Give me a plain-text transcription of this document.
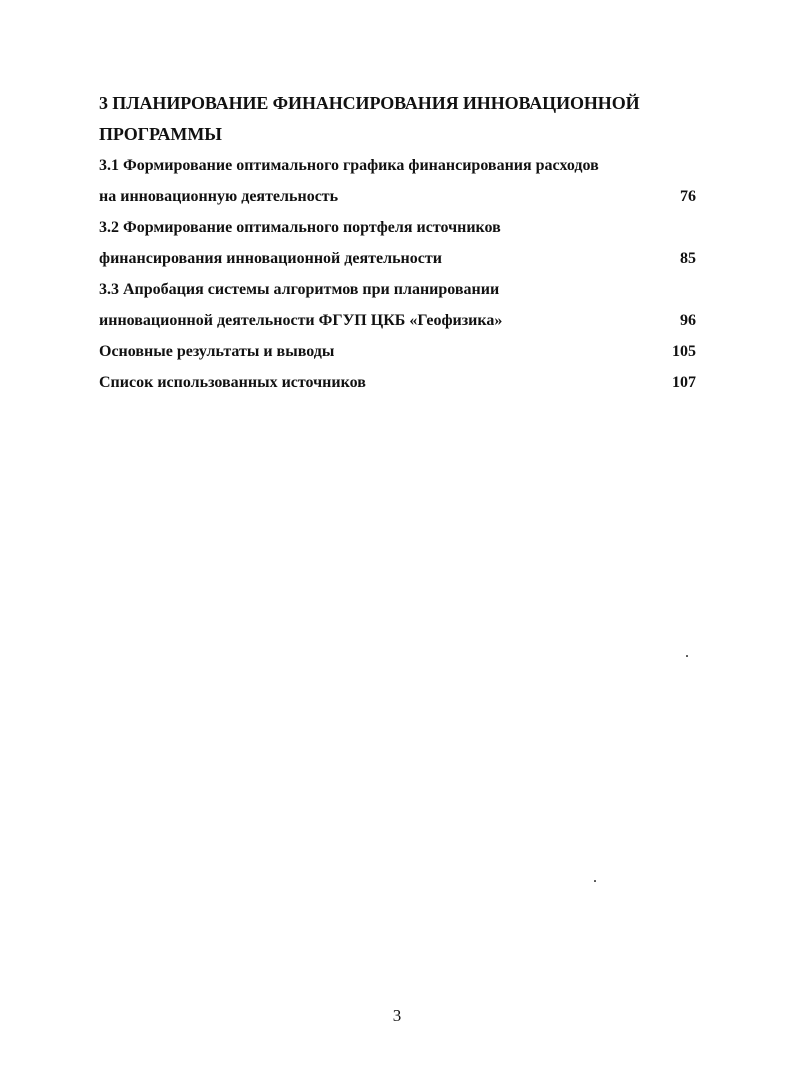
3 ПЛАНИРОВАНИЕ ФИНАНСИРОВАНИЯ ИННОВАЦИОННОЙ

ПРОГРАММЫ

3.1 Формирование оптимального графика финансирования расходов
на инновационную деятельность	76
3.2 Формирование оптимального портфеля источников
финансирования инновационной деятельности	85
3.3 Апробация системы алгоритмов при планировании
инновационной деятельности ФГУП ЦКБ «Геофизика»	96
Основные результаты и выводы	105
Список использованных источников	107
3
